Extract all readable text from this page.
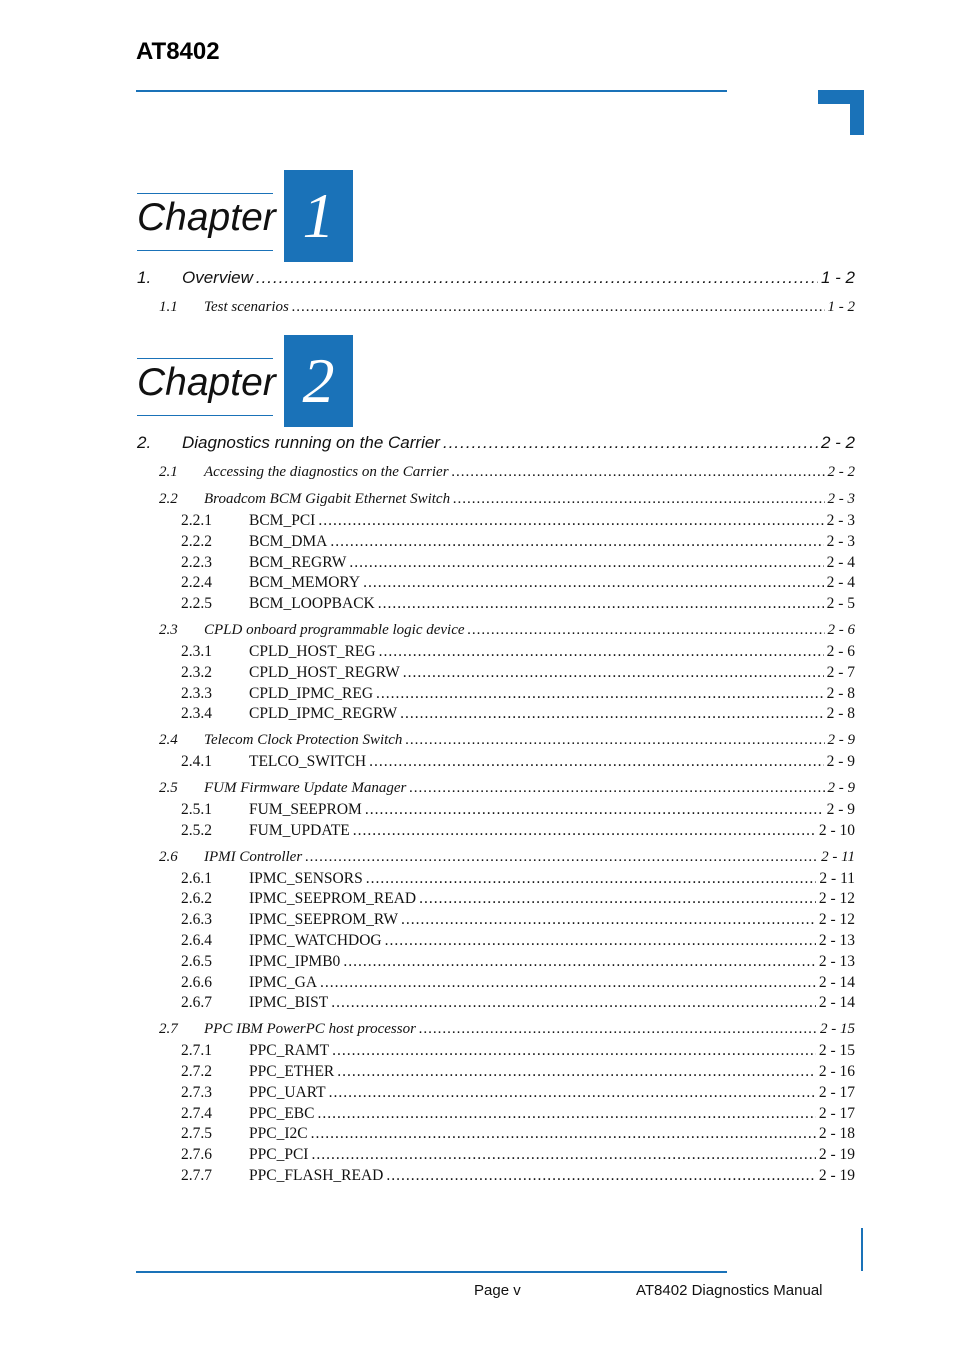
AT8402
Chapter 1
1.	Overview .....	1 - 2
1.1	Test scenarios .....	1 - 2
Chapter 2
2.	Diagnostics running on the Carrier .....	2 - 2
2.1	Accessing the diagnostics on the Carrier .....	2 - 2
2.2	Broadcom BCM Gigabit Ethernet Switch .....	2 - 3
2.2.1	BCM_PCI .....	2 - 3
2.2.2	BCM_DMA .....	2 - 3
2.2.3	BCM_REGRW .....	2 - 4
2.2.4	BCM_MEMORY .....	2 - 4
2.2.5	BCM_LOOPBACK .....	2 - 5
2.3	CPLD onboard programmable logic device .....	2 - 6
2.3.1	CPLD_HOST_REG .....	2 - 6
2.3.2	CPLD_HOST_REGRW .....	2 - 7
2.3.3	CPLD_IPMC_REG .....	2 - 8
2.3.4	CPLD_IPMC_REGRW .....	2 - 8
2.4	Telecom Clock Protection Switch .....	2 - 9
2.4.1	TELCO_SWITCH .....	2 - 9
2.5	FUM Firmware Update Manager .....	2 - 9
2.5.1	FUM_SEEPROM .....	2 - 9
2.5.2	FUM_UPDATE .....	2 - 10
2.6	IPMI Controller .....	2 - 11
2.6.1	IPMC_SENSORS .....	2 - 11
2.6.2	IPMC_SEEPROM_READ .....	2 - 12
2.6.3	IPMC_SEEPROM_RW .....	2 - 12
2.6.4	IPMC_WATCHDOG .....	2 - 13
2.6.5	IPMC_IPMB0 .....	2 - 13
2.6.6	IPMC_GA .....	2 - 14
2.6.7	IPMC_BIST .....	2 - 14
2.7	PPC IBM PowerPC host processor .....	2 - 15
2.7.1	PPC_RAMT .....	2 - 15
2.7.2	PPC_ETHER .....	2 - 16
2.7.3	PPC_UART .....	2 - 17
2.7.4	PPC_EBC .....	2 - 17
2.7.5	PPC_I2C .....	2 - 18
2.7.6	PPC_PCI .....	2 - 19
2.7.7	PPC_FLASH_READ .....	2 - 19
Page v	AT8402 Diagnostics Manual
